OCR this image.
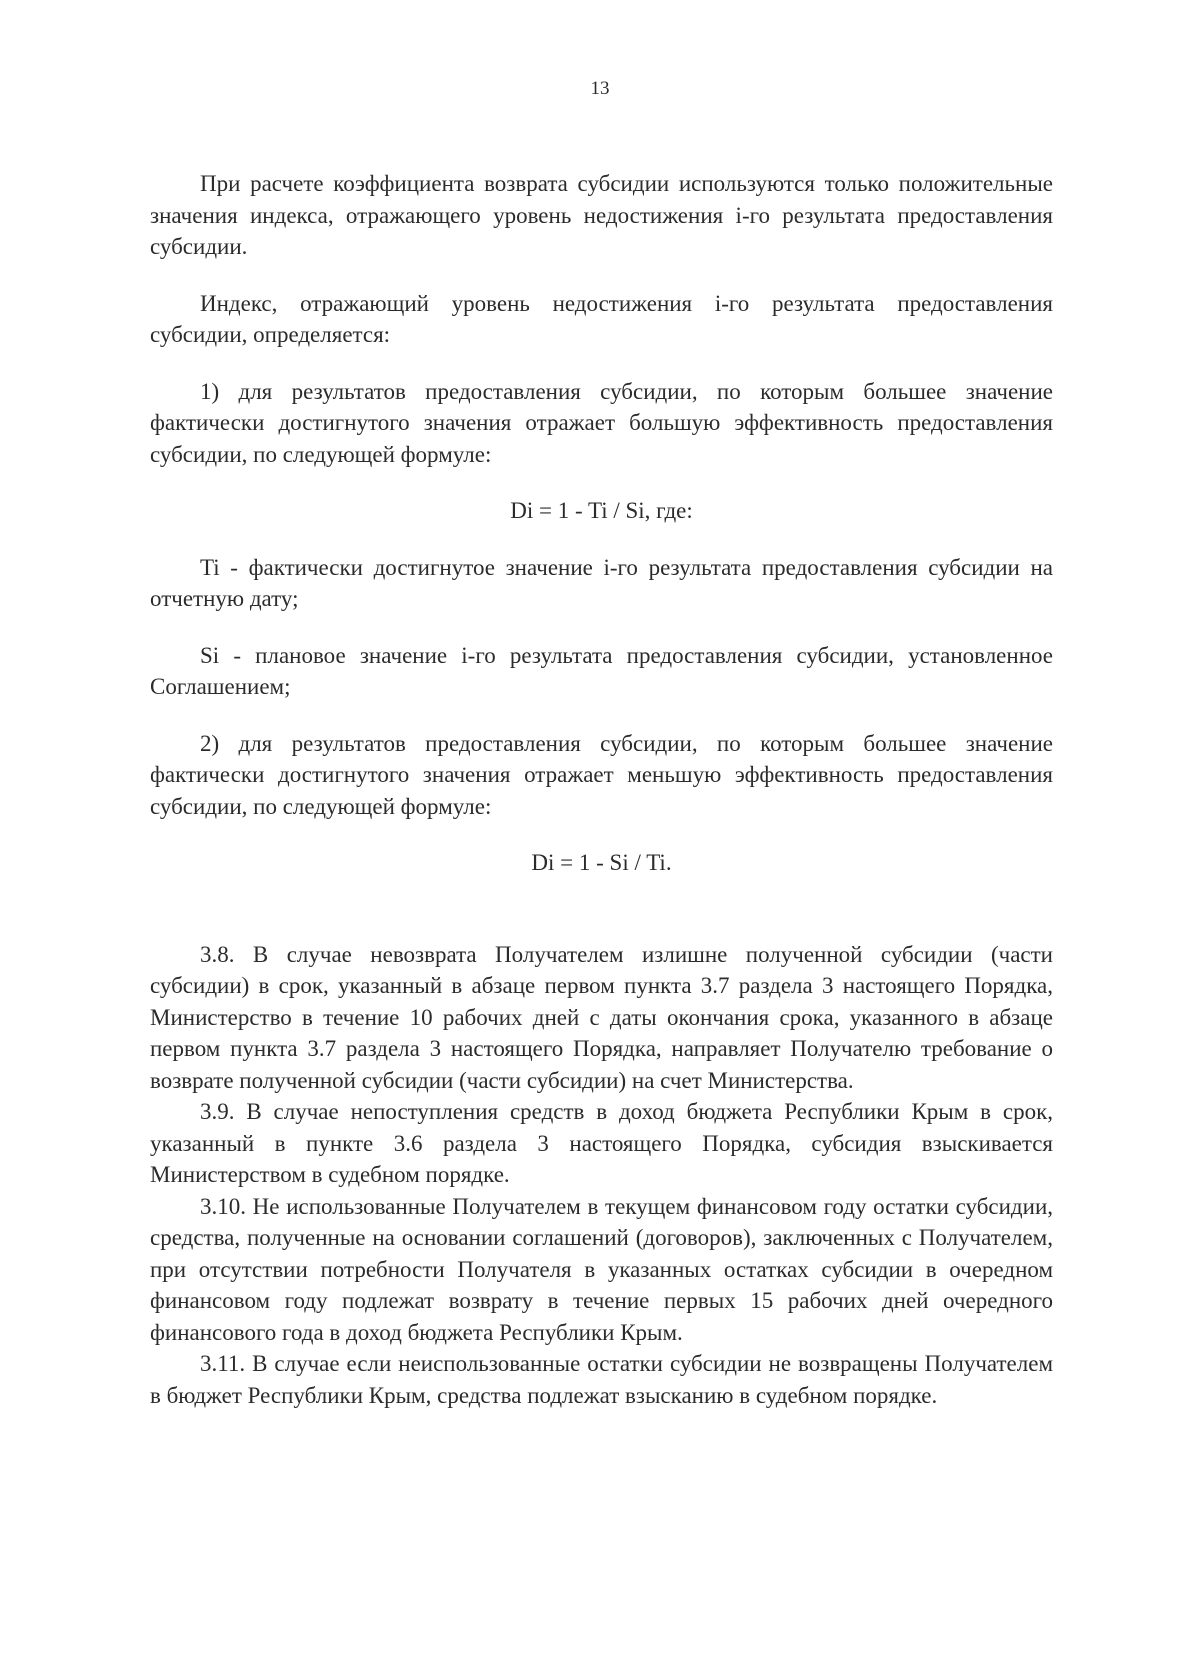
13

При расчете коэффициента возврата субсидии используются только положительные значения индекса, отражающего уровень недостижения i-го результата предоставления субсидии.

Индекс, отражающий уровень недостижения i-го результата предоставления субсидии, определяется:

1) для результатов предоставления субсидии, по которым большее значение фактически достигнутого значения отражает большую эффективность предоставления субсидии, по следующей формуле:

Di = 1 - Ti / Si, где:

Ti - фактически достигнутое значение i-го результата предоставления субсидии на отчетную дату;

Si - плановое значение i-го результата предоставления субсидии, установленное Соглашением;

2) для результатов предоставления субсидии, по которым большее значение фактически достигнутого значения отражает меньшую эффективность предоставления субсидии, по следующей формуле:

Di = 1 - Si / Ti.

3.8. В случае невозврата Получателем излишне полученной субсидии (части субсидии) в срок, указанный в абзаце первом пункта 3.7 раздела 3 настоящего Порядка, Министерство в течение 10 рабочих дней с даты окончания срока, указанного в абзаце первом пункта 3.7 раздела 3 настоящего Порядка, направляет Получателю требование о возврате полученной субсидии (части субсидии) на счет Министерства.

3.9. В случае непоступления средств в доход бюджета Республики Крым в срок, указанный в пункте 3.6 раздела 3 настоящего Порядка, субсидия взыскивается Министерством в судебном порядке.

3.10. Не использованные Получателем в текущем финансовом году остатки субсидии, средства, полученные на основании соглашений (договоров), заключенных с Получателем, при отсутствии потребности Получателя в указанных остатках субсидии в очередном финансовом году подлежат возврату в течение первых 15 рабочих дней очередного финансового года в доход бюджета Республики Крым.

3.11. В случае если неиспользованные остатки субсидии не возвращены Получателем в бюджет Республики Крым, средства подлежат взысканию в судебном порядке.
